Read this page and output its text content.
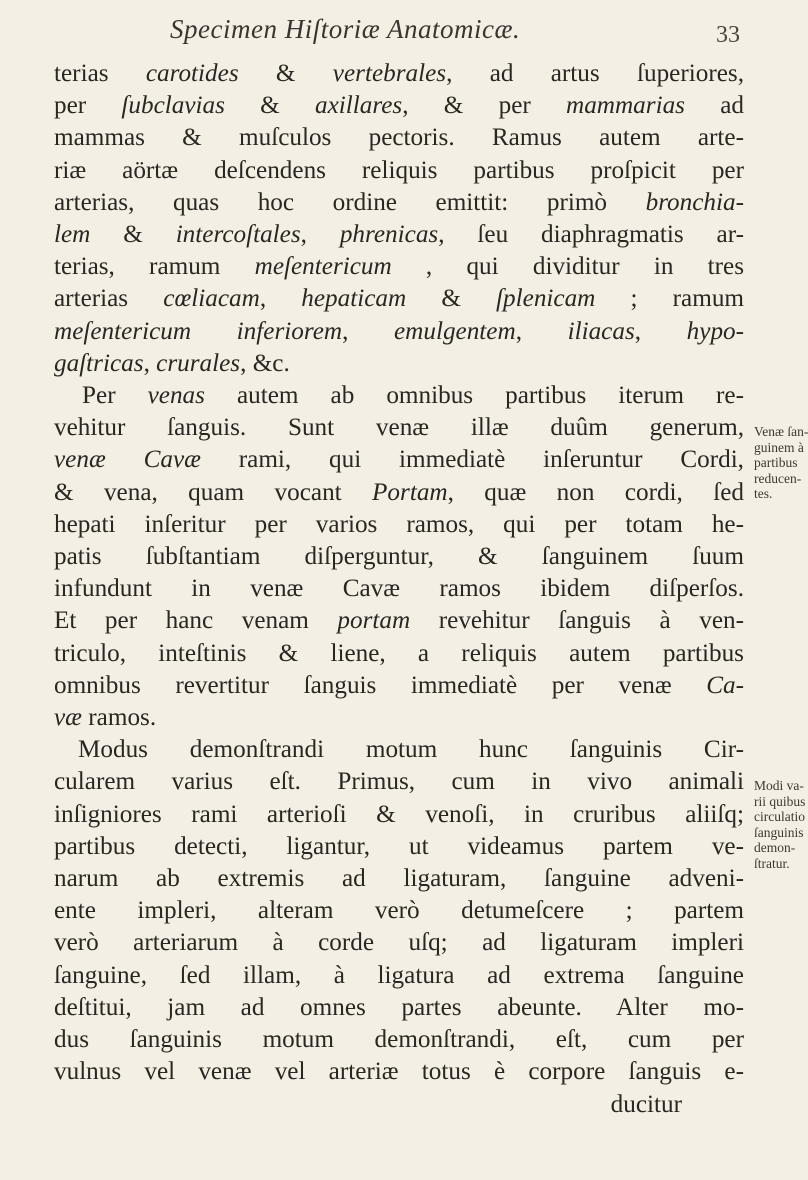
Specimen Hiſtoriæ Anatomicæ.	33
terias carotides & vertebrales, ad artus ſuperiores,
per ſubclavias & axillares, & per mammarias ad
mammas & muſculos pectoris. Ramus autem arte-
riæ aörtæ deſcendens reliquis partibus proſpicit per
arterias, quas hoc ordine emittit: primò bronchia-
lem & intercoſtales, phrenicas, ſeu diaphragmatis ar-
terias, ramum meſentericum , qui dividitur in tres
arterias cœliacam, hepaticam & ſplenicam ; ramum
meſentericum inferiorem, emulgentem, iliacas, hypo-
gaſtricas, crurales, &c.
Per venas autem ab omnibus partibus iterum re-
vehitur ſanguis. Sunt venæ illæ duûm generum,
venæ Cavæ rami, qui immediatè inſeruntur Cordi,
& vena, quam vocant Portam, quæ non cordi, ſed
hepati inſeritur per varios ramos, qui per totam he-
patis ſubſtantiam diſperguntur, & ſanguinem ſuum
infundunt in venæ Cavæ ramos ibidem diſperſos.
Et per hanc venam portam revehitur ſanguis à ven-
triculo, inteſtinis & liene, a reliquis autem partibus
omnibus revertitur ſanguis immediatè per venæ Ca-
væ ramos.
Modus demonſtrandi motum hunc ſanguinis Cir-
cularem varius eſt. Primus, cum in vivo animali
inſigniores rami arterioſi & venoſi, in cruribus aliiſq;
partibus detecti, ligantur, ut videamus partem ve-
narum ab extremis ad ligaturam, ſanguine adveni-
ente impleri, alteram verò detumeſcere ; partem
verò arteriarum à corde uſq; ad ligaturam impleri
ſanguine, ſed illam, à ligatura ad extrema ſanguine
deſtitui, jam ad omnes partes abeunte. Alter mo-
dus ſanguinis motum demonſtrandi, eſt, cum per
vulnus vel venæ vel arteriæ totus è corpore ſanguis e-
ducitur
Venæ ſan-
guinem à
partibus
reducen-
tes.
Modi va-
rii quibus
circulatio
ſanguinis
demon-
ſtratur.
